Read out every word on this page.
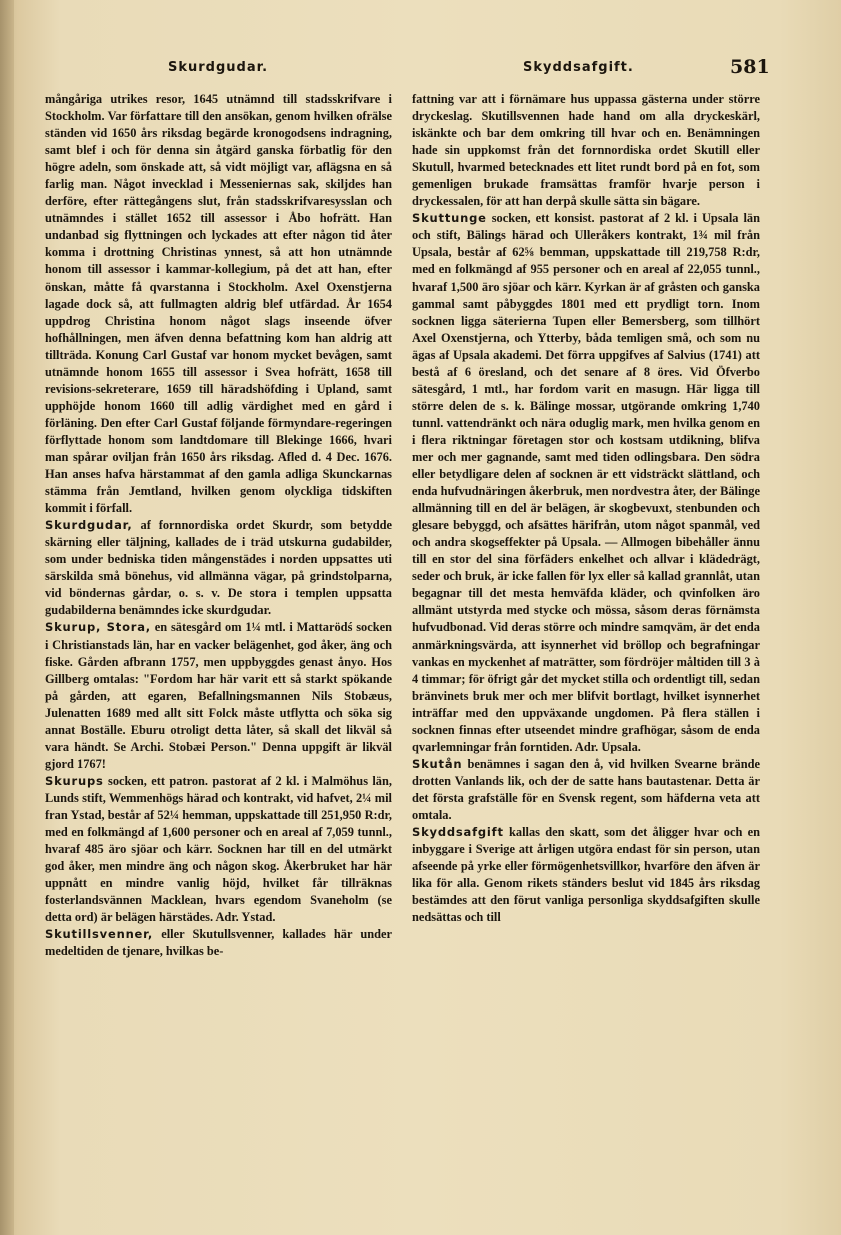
Skurdgudar.	Skyddsafgift.	581

mångåriga utrikes resor, 1645 utnämnd till stadsskrifvare i Stockholm. Var författare till den ansökan, genom hvilken ofrälse ständen vid 1650 års riksdag begärde kronogodsens indragning, samt blef i och för denna sin åtgärd ganska förbatlig för den högre adeln, som önskade att, så vidt möjligt var, aflägsna en så farlig man. Något invecklad i Messeniernas sak, skiljdes han derföre, efter rättegångens slut, från stadsskrifvaresysslan och utnämndes i stället 1652 till assessor i Åbo hofrätt. Han undanbad sig flyttningen och lyckades att efter någon tid åter komma i drottning Christinas ynnest, så att hon utnämnde honom till assessor i kammar-kollegium, på det att han, efter önskan, måtte få qvarstanna i Stockholm. Axel Oxenstjerna lagade dock så, att fullmagten aldrig blef utfärdad. År 1654 uppdrog Christina honom något slags inseende öfver hofhållningen, men äfven denna befattning kom han aldrig att tillträda. Konung Carl Gustaf var honom mycket bevågen, samt utnämnde honom 1655 till assessor i Svea hofrätt, 1658 till revisions-sekreterare, 1659 till häradshöfding i Upland, samt upphöjde honom 1660 till adlig värdighet med en gård i förläning. Den efter Carl Gustaf följande förmyndare-regeringen förflyttade honom som landtdomare till Blekinge 1666, hvari man spårar oviljan från 1650 års riksdag. Afled d. 4 Dec. 1676. Han anses hafva härstammat af den gamla adliga Skunckarnas stämma från Jemtland, hvilken genom olyckliga tidskiften kommit i förfall.

Skurdgudar, af fornnordiska ordet Skurdr, som betydde skärning eller täljning, kallades de i träd utskurna gudabilder, som under bedniska tiden mångenstädes i norden uppsattes uti särskilda små bönehus, vid allmänna vägar, på grindstolparna, vid böndernas gårdar, o. s. v. De stora i templen uppsatta gudabilderna benämndes icke skurdgudar.

Skurup, Stora, en sätesgård om 1¼ mtl. i Mattarödś socken i Christianstads län, har en vacker belägenhet, god åker, äng och fiske. Gården afbrann 1757, men uppbyggdes genast ånyo. Hos Gillberg omtalas: "Fordom har här varit ett så starkt spökande på gården, att egaren, Befallningsmannen Nils Stobæus, Julenatten 1689 med allt sitt Folck måste utflytta och söka sig annat Boställe. Eburu otroligt detta låter, så skall det likväl så vara händt. Se Archi. Stobæi Person." Denna uppgift är likväl gjord 1767!

Skurups socken, ett patron. pastorat af 2 kl. i Malmöhus län, Lunds stift, Wemmenhögs härad och kontrakt, vid hafvet, 2¼ mil fran Ystad, består af 52¼ hemman, uppskattade till 251,950 R:dr, med en folkmängd af 1,600 personer och en areal af 7,059 tunnl., hvaraf 485 äro sjöar och kärr. Socknen har till en del utmärkt god åker, men mindre äng och någon skog. Åkerbruket har här uppnått en mindre vanlig höjd, hvilket får tillräknas fosterlandsvännen Macklean, hvars egendom Svaneholm (se detta ord) är belägen härstädes. Adr. Ystad.

Skutillsvenner, eller Skutullsvenner, kallades här under medeltiden de tjenare, hvilkas be-

fattning var att i förnämare hus uppassa gästerna under större dryckeslag. Skutillsvennen hade hand om alla dryckeskärl, iskänkte och bar dem omkring till hvar och en. Benämningen hade sin uppkomst från det fornnordiska ordet Skutill eller Skutull, hvarmed betecknades ett litet rundt bord på en fot, som gemenligen brukade framsättas framför hvarje person i dryckessalen, för att han derpå skulle sätta sin bägare.

Skuttunge socken, ett konsist. pastorat af 2 kl. i Upsala län och stift, Bälings härad och Ulleråkers kontrakt, 1¾ mil från Upsala, består af 62⅝ bemman, uppskattade till 219,758 R:dr, med en folkmängd af 955 personer och en areal af 22,055 tunnl., hvaraf 1,500 äro sjöar och kärr. Kyrkan är af gråsten och ganska gammal samt påbyggdes 1801 med ett prydligt torn. Inom socknen ligga säterierna Tupen eller Bemersberg, som tillhört Axel Oxenstjerna, och Ytterby, båda temligen små, och som nu ägas af Upsala akademi. Det förra uppgifves af Salvius (1741) att bestå af 6 öresland, och det senare af 8 öres. Vid Öfverbo sätesgård, 1 mtl., har fordom varit en masugn. Här ligga till större delen de s. k. Bälinge mossar, utgörande omkring 1,740 tunnl. vattendränkt och nära oduglig mark, men hvilka genom en i flera riktningar företagen stor och kostsam utdikning, blifva mer och mer gagnande, samt med tiden odlingsbara. Den södra eller betydligare delen af socknen är ett vidsträckt slättland, och enda hufvudnäringen åkerbruk, men nordvestra åter, der Bälinge allmänning till en del är belägen, är skogbevuxt, stenbunden och glesare bebyggd, och afsättes härifrån, utom något spanmål, ved och andra skogseffekter på Upsala. — Allmogen bibehåller ännu till en stor del sina förfäders enkelhet och allvar i klädedrägt, seder och bruk, är icke fallen för lyx eller så kallad grannlåt, utan begagnar till det mesta hemväfda kläder, och qvinfolken äro allmänt utstyrda med stycke och mössa, såsom deras förnämsta hufvudbonad. Vid deras större och mindre samqväm, är det enda anmärkningsvärda, att isynnerhet vid bröllop och begrafningar vankas en myckenhet af maträtter, som fördröjer måltiden till 3 à 4 timmar; för öfrigt går det mycket stilla och ordentligt till, sedan bränvinets bruk mer och mer blifvit bortlagt, hvilket isynnerhet inträffar med den uppväxande ungdomen. På flera ställen i socknen finnas efter utseendet mindre grafhögar, såsom de enda qvarlemningar från forntiden. Adr. Upsala.

Skutån benämnes i sagan den å, vid hvilken Svearne brände drotten Vanlands lik, och der de satte hans bautastenar. Detta är det första grafställe för en Svensk regent, som häfderna veta att omtala.

Skyddsafgift kallas den skatt, som det åligger hvar och en inbyggare i Sverige att årligen utgöra endast för sin person, utan afseende på yrke eller förmögenhetsvillkor, hvarföre den äfven är lika för alla. Genom rikets ständers beslut vid 1845 års riksdag bestämdes att den förut vanliga personliga skyddsafgiften skulle nedsättas och till
